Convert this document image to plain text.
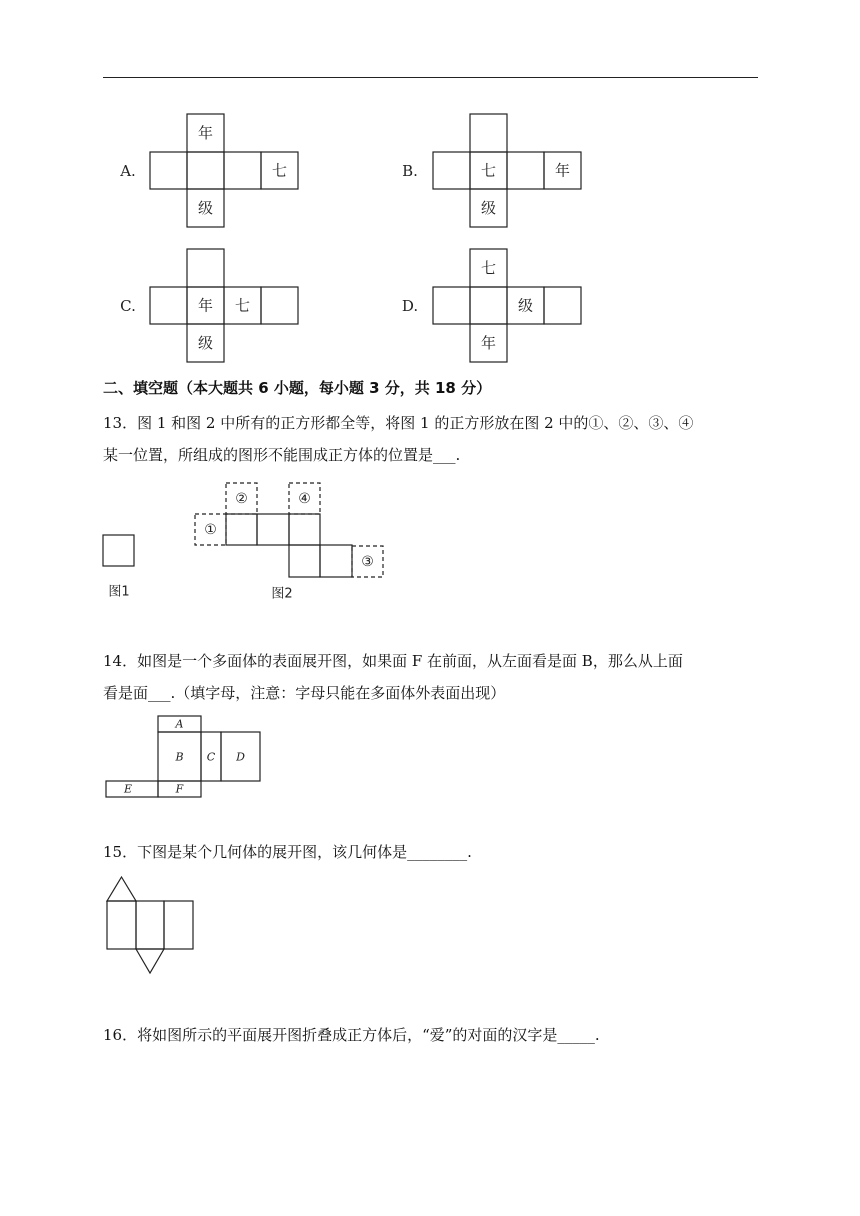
A.
年
七
级
B.	七	年
级
C.	年 七
级
D.
七
级
年
图1
①
②
③
④
图2
A
B C D
E	F
二、填空题（本大题共 6 小题，每小题 3 分，共 18 分）
13．图 1 和图 2 中所有的正方形都全等，将图 1 的正方形放在图 2 中的①、②、③、④
某一位置，所组成的图形不能围成正方体的位置是___.
14．如图是一个多面体的表面展开图，如果面 F 在前面，从左面看是面 B，那么从上面
看是面___.（填字母，注意：字母只能在多面体外表面出现）
15．下图是某个几何体的展开图，该几何体是________.
16．将如图所示的平面展开图折叠成正方体后，“爱”的对面的汉字是_____.
